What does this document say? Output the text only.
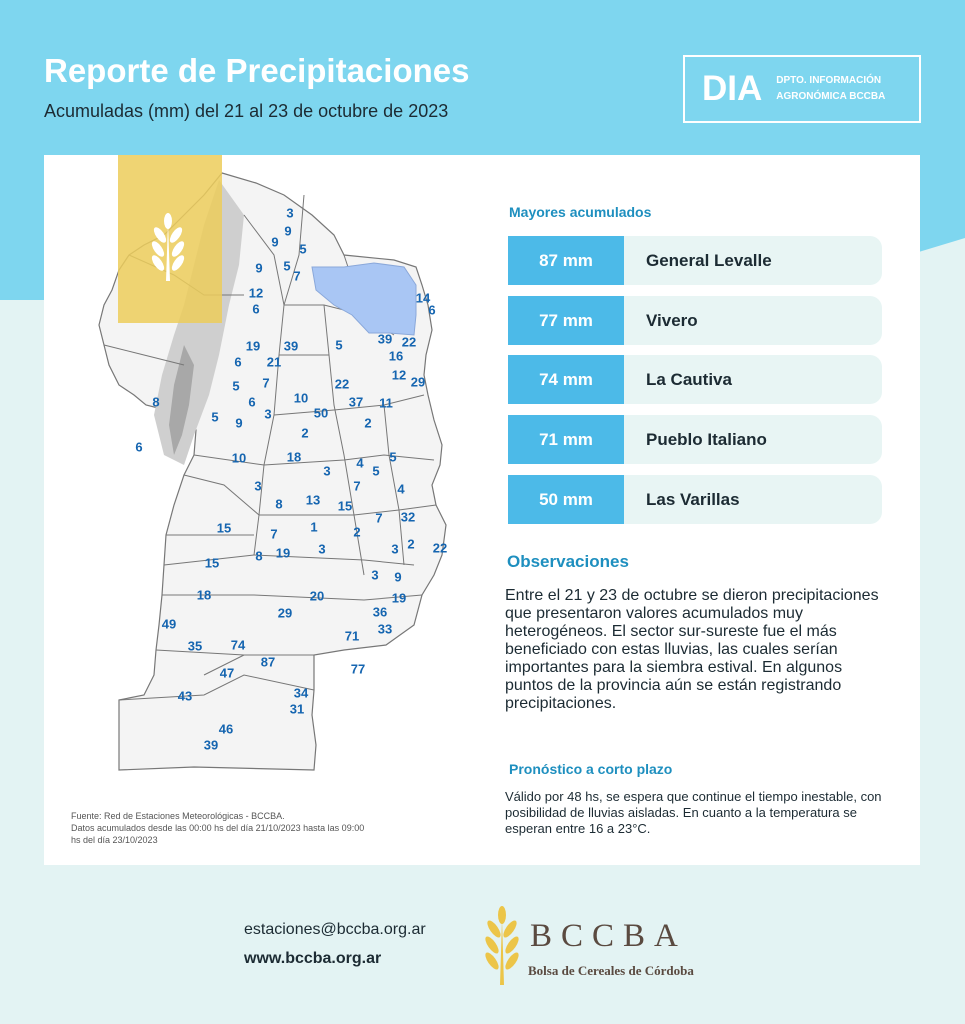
Reporte de Precipitaciones
Acumuladas (mm) del 21 al 23 de octubre de 2023
DIA DPTO. INFORMACIÓN
AGRONÓMICA BCCBA
3
9
9 5
9 5
7
12	14
6
6
19 39	5	39 22
16
21
12 29
6
5 7	22
37 11
8
5
6	10
50
2
9
3
2
6
18	5
10
3
4
5
3	7
8
4
13 15
32
7
2
15	7	1
3	3 2 22
8 19
15
3 9
18	20
36
19
29
33
49
71
35 74
87	77
47
34
43
31
46
39
Fuente: Red de Estaciones Meteorológicas - BCCBA.
Datos acumulados desde las 00:00 hs del día 21/10/2023 hasta las 09:00 hs del día 23/10/2023
Mayores acumulados
87 mm	General Levalle
77 mm	Vivero
74 mm	La Cautiva
71 mm	Pueblo Italiano
50 mm	Las Varillas
Observaciones
Entre el 21 y 23 de octubre se dieron precipitaciones que presentaron valores acumulados muy heterogéneos. El sector sur-sureste fue el más beneficiado con estas lluvias, las cuales serían importantes para la siembra estival. En algunos puntos de la provincia aún se están registrando precipitaciones.
Pronóstico a corto plazo
Válido por 48 hs, se espera que continue el tiempo inestable, con posibilidad de lluvias aisladas. En cuanto a la temperatura se esperan entre 16 a 23°C.
estaciones@bccba.org.ar
www.bccba.org.ar
BCCBA
Bolsa de Cereales de Córdoba
